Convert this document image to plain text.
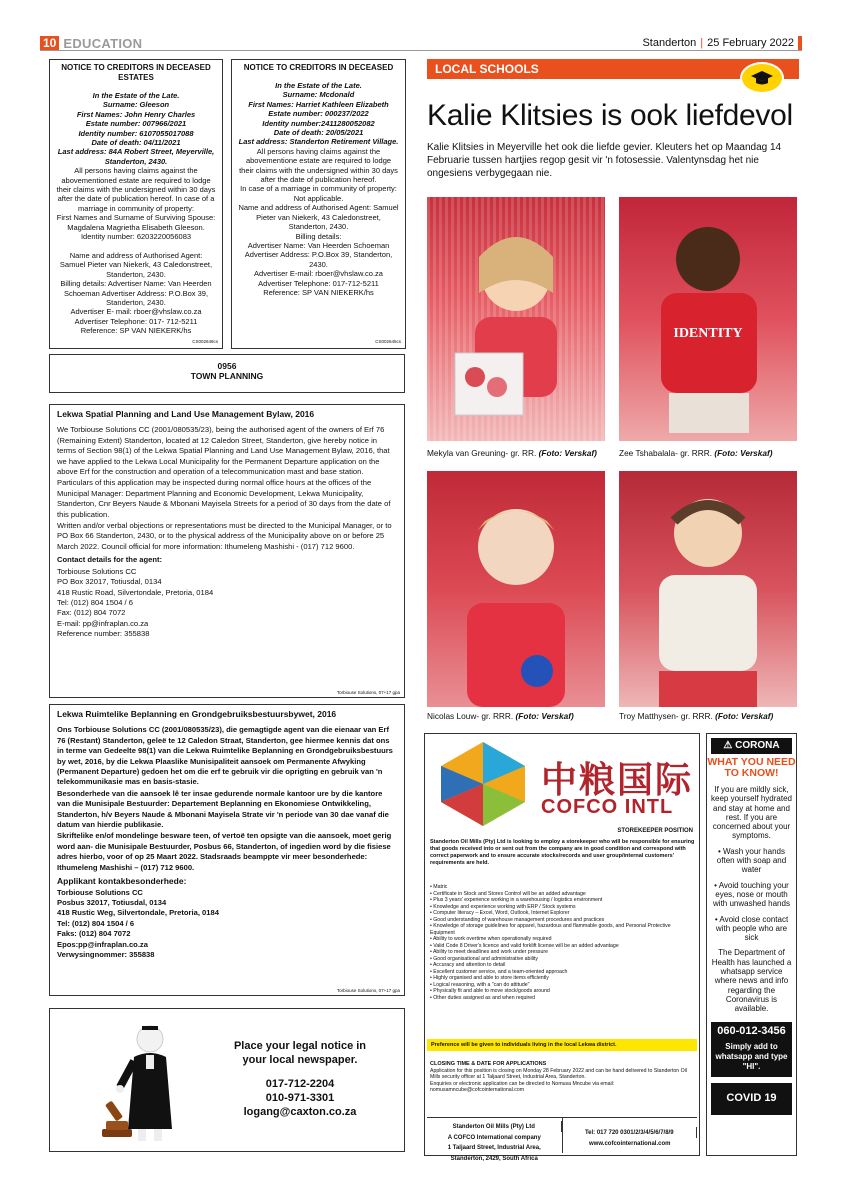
10 EDUCATION	Standerton | 25 February 2022
NOTICE TO CREDITORS IN DECEASED ESTATES
In the Estate of the Late.
Surname: Gleeson
First Names: John Henry Charles
Estate number: 007966/2021
Identity number: 6107055017088
Date of death: 04/11/2021
Last address: 84A Robert Street, Meyerville, Standerton, 2430.
All persons having claims against the abovementioned estate are required to lodge their claims with the undersigned within 30 days after the date of publication hereof. In case of a marriage in community of property:
First Names and Surname of Surviving Spouse: Magdalena Magrietha Elisabeth Gleeson.
Identity number: 6203220056083

Name and address of Authorised Agent: Samuel Pieter van Niekerk, 43 Caledonstreet, Standerton, 2430.
Billing details: Advertiser Name: Van Heerden Schoeman Advertiser Address: P.O.Box 39, Standerton, 2430.
Advertiser E- mail: rboer@vhslaw.co.za
Advertiser Telephone: 017- 712-5211
Reference: SP VAN NIEKERK/hs
CS002648cs
NOTICE TO CREDITORS IN DECEASED
In the Estate of the Late.
Surname: Mcdonald
First Names: Harriet Kathleen Elizabeth
Estate number: 000237/2022
Identity number:2411280052082
Date of death: 20/05/2021
Last address: Standerton Retirement Village.
All persons having claims against the abovementione estate are required to lodge their claims with the undersigned within 30 days after the date of publication hereof.
In case of a marriage in community of property: Not applicable.
Name and address of Authorised Agent: Samuel Pieter van Niekerk, 43 Caledonstreet, Standerton, 2430.
Billing details:
Advertiser Name: Van Heerden Schoeman
Advertiser Address: P.O.Box 39, Standerton, 2430.
Advertiser E-mail: rboer@vhslaw.co.za
Advertiser Telephone: 017-712-5211
Reference: SP VAN NIEKERK/hs
CS002645cs
0956
TOWN PLANNING
Lekwa Spatial Planning and Land Use Management Bylaw, 2016

We Torbiouse Solutions CC (2001/080535/23), being the authorised agent of the owners of Erf 76 (Remaining Extent) Standerton, located at 12 Caledon Street, Standerton, give hereby notice in terms of Section 98(1) of the Lekwa Spatial Planning and Land Use Management Bylaw, 2016, that we have applied to the Lekwa Local Municipality for the Permanent Departure application on the above Erf for the construction and operation of a telecommunication mast and base station.

Particulars of this application may be inspected during normal office hours at the offices of the Municipal Manager: Department Planning and Economic Development, Lekwa Municipality, Standerton, Cnr Beyers Naude & Mbonani Mayisela Streets for a period of 30 days from the date of this publication.

Written and/or verbal objections or representations must be directed to the Municipal Manager, or to PO Box 66 Standerton, 2430, or to the physical address of the Municipality above on or before 25 March 2022. Council official for more information: Ithumeleng Mashishi - (017) 712 9600.

Contact details for the agent:

Torbiouse Solutions CC
PO Box 32017, Totiusdal, 0134
418 Rustic Road, Silvertondale, Pretoria, 0184
Tel: (012) 804 1504 / 6
Fax: (012) 804 7072
E-mail: pp@infraplan.co.za
Reference number: 355838
Torbiouse Solutions, 07+17 gpa
Lekwa Ruimtelike Beplanning en Grondgebruiksbestuursbywet, 2016

Ons Torbiouse Solutions CC (2001/080535/23), die gemagtigde agent van die eienaar van Erf 76 (Restant) Standerton, geleë te 12 Caledon Straat, Standerton, gee hiermee kennis dat ons in terme van Gedeelte 98(1) van die Lekwa Ruimtelike Beplanning en Grondgebruiksbestuurs by wet, 2016, by die Lekwa Plaaslike Munisipaliteit aansoek om Permanente Afwyking (Permanent Departure) gedoen het om die erf te gebruik vir die oprigting en gebruik van 'n telekommunikasie mas en basis-stasie.

Besonderhede van die aansoek lê ter insae gedurende normale kantoor ure by die kantore van die Munisipale Bestuurder: Departement Beplanning en Ekonomiese Ontwikkeling, Standerton, h/v Beyers Naude & Mbonani Mayisela Strate vir 'n periode van 30 dae vanaf die datum van hierdie publikasie.

Skriftelike en/of mondelinge besware teen, of vertoë ten opsigte van die aansoek, moet gerig word aan- die Munisipale Bestuurder, Posbus 66, Standerton, of ingedien word by die fisiese adres hierbo, voor of op 25 Maart 2022. Stadsraads beamppte vir meer besonderhede: Ithumeleng Mashishi – (017) 712 9600.

Applikant kontakbesonderhede:

Torbiouse Solutions CC
Posbus 32017, Totiusdal, 0134
418 Rustic Weg, Silvertondale, Pretoria, 0184
Tel: (012) 804 1504 / 6
Faks: (012) 804 7072
Epos:pp@infraplan.co.za
Verwysingnommer: 355838
Torbiouse Solutions, 07+17 gpa
Place your legal notice in
your local newspaper.
017-712-2204
010-971-3301
logang@caxton.co.za
LOCAL SCHOOLS
Kalie Klitsies is ook liefdevol

Kalie Klitsies in Meyerville het ook die liefde gevier. Kleuters het op Maandag 14 Februarie tussen hartjies regop gesit vir 'n fotosessie. Valentynsdag het nie ongesiens verbygegaan nie.

IDENTITY
Mekyla van Greuning- gr. RR. (Foto: Verskaf)	Zee Tshabalala- gr. RRR. (Foto: Verskaf)
Nicolas Louw- gr. RRR. (Foto: Verskaf)	Troy Matthysen- gr. RRR. (Foto: Verskaf)
中粮国际
COFCO INTL
STOREKEEPER POSITION
Standerton Oil Mills (Pty) Ltd is looking to employ a storekeeper who will be responsible for ensuring that goods received into or sent out from the company are in good condition and correspond with correct paperwork and to ensure accurate stocks/records and user group/internal customers' requirements are held.
• Matric
• Certificate in Stock and Stores Control will be an added advantage
• Plus 3 years' experience working in a warehousing / logistics environment
• Knowledge and experience working with ERP / Stock systems
• Computer literacy – Excel, Word, Outlook, Internet Explorer
• Good understanding of warehouse management procedures and practices
• Knowledge of storage guidelines for apparel, hazardous and flammable goods, and Personal Protective Equipment
• Ability to work overtime when operationally required
• Valid Code 8 Driver's licence and valid forklift license will be an added advantage
• Ability to meet deadlines and work under pressure
• Good organisational and administrative ability
• Accuracy and attention to detail
• Excellent customer service, and a team-oriented approach
• Highly organised and able to store items efficiently
• Logical reasoning, with a "can do attitude"
• Physically fit and able to move stock/goods around
• Other duties assigned as and when required
Preference will be given to individuals living in the local Lekwa district.
CLOSING TIME & DATE FOR APPLICATIONS
Application for this position is closing on Monday 28 February 2022 and can be hand delivered to Standerton Oil Mills security officer at 1 Taljaard Street, Industrial Area, Standerton.
Enquiries or electronic application can be directed to Nomusa Mncube via email: nomusamncube@cofcointernational.com
Standerton Oil Mills (Pty) Ltd
A COFCO International company
1 Taljaard Street, Industrial Area,
Standerton, 2429, South Africa
Tel: 017 720 0301/2/3/4/5/6/7/8/9
www.cofcointernational.com
⚠ CORONA
WHAT YOU NEED TO KNOW!
If you are mildly sick, keep yourself hydrated and stay at home and rest. If you are concerned about your symptoms.
• Wash your hands often with soap and water
• Avoid touching your eyes, nose or mouth with unwashed hands
• Avoid close contact with people who are sick
The Department of Health has launched a whatsapp service where news and info regarding the Coronavirus is available.
060-012-3456
Simply add to whatsapp and type "HI".
COVID 19
